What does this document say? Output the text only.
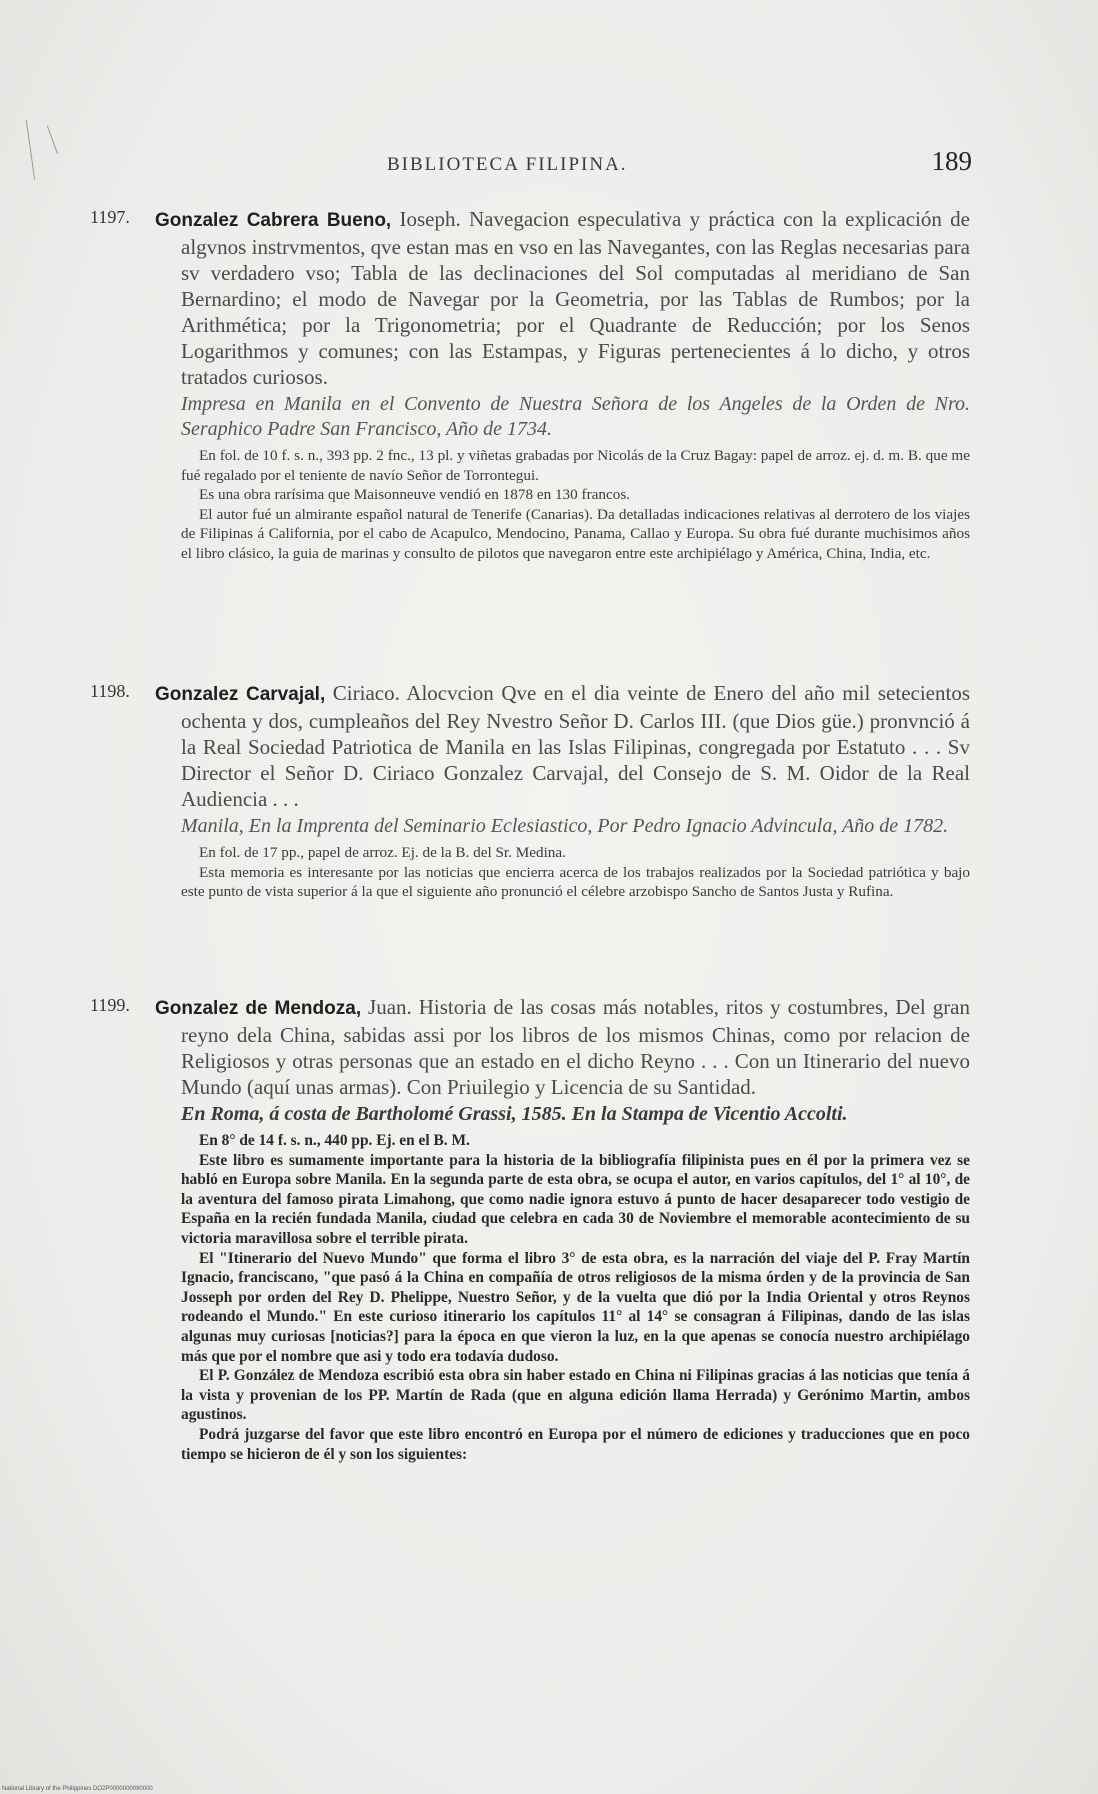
BIBLIOTECA FILIPINA.	189
1197. Gonzalez Cabrera Bueno, Ioseph. Navegacion especulativa y práctica con la explicación de algvnos instrvmentos, qve estan mas en vso en las Navegantes, con las Reglas necesarias para sv verdadero vso; Tabla de las declinaciones del Sol computadas al meridiano de San Bernardino; el modo de Navegar por la Geometria, por las Tablas de Rumbos; por la Arithmética; por la Trigonometria; por el Quadrante de Reducción; por los Senos Logarithmos y comunes; con las Estampas, y Figuras pertenecientes á lo dicho, y otros tratados curiosos.

Impresa en Manila en el Convento de Nuestra Señora de los Angeles de la Orden de Nro. Seraphico Padre San Francisco, Año de 1734.

En fol. de 10 f. s. n., 393 pp. 2 fnc., 13 pl. y viñetas grabadas por Nicolás de la Cruz Bagay: papel de arroz. ej. d. m. B. que me fué regalado por el teniente de navío Señor de Torrontegui.

Es una obra rarísima que Maisonneuve vendió en 1878 en 130 francos.

El autor fué un almirante español natural de Tenerife (Canarias). Da detalladas indicaciones relativas al derrotero de los viajes de Filipinas á California, por el cabo de Acapulco, Mendocino, Panama, Callao y Europa. Su obra fué durante muchisimos años el libro clásico, la guia de marinas y consulto de pilotos que navegaron entre este archipiélago y América, China, India, etc.

1198. Gonzalez Carvajal, Ciriaco. Alocvcion Qve en el dia veinte de Enero del año mil setecientos ochenta y dos, cumpleaños del Rey Nvestro Señor D. Carlos III. (que Dios güe.) pronvnció á la Real Sociedad Patriotica de Manila en las Islas Filipinas, congregada por Estatuto . . . Sv Director el Señor D. Ciriaco Gonzalez Carvajal, del Consejo de S. M. Oidor de la Real Audiencia . . .

Manila, En la Imprenta del Seminario Eclesiastico, Por Pedro Ignacio Advincula, Año de 1782.

En fol. de 17 pp., papel de arroz. Ej. de la B. del Sr. Medina.

Esta memoria es interesante por las noticias que encierra acerca de los trabajos realizados por la Sociedad patriótica y bajo este punto de vista superior á la que el siguiente año pronunció el célebre arzobispo Sancho de Santos Justa y Rufina.

1199. Gonzalez de Mendoza, Juan. Historia de las cosas más notables, ritos y costumbres, Del gran reyno dela China, sabidas assi por los libros de los mismos Chinas, como por relacion de Religiosos y otras personas que an estado en el dicho Reyno . . . Con un Itinerario del nuevo Mundo (aquí unas armas). Con Priuilegio y Licencia de su Santidad.

En Roma, á costa de Bartholomé Grassi, 1585. En la Stampa de Vicentio Accolti.

En 8° de 14 f. s. n., 440 pp. Ej. en el B. M.

Este libro es sumamente importante para la historia de la bibliografía filipinista pues en él por la primera vez se habló en Europa sobre Manila. En la segunda parte de esta obra, se ocupa el autor, en varios capítulos, del 1° al 10°, de la aventura del famoso pirata Limahong, que como nadie ignora estuvo á punto de hacer desaparecer todo vestigio de España en la recién fundada Manila, ciudad que celebra en cada 30 de Noviembre el memorable acontecimiento de su victoria maravillosa sobre el terrible pirata.

El "Itinerario del Nuevo Mundo" que forma el libro 3° de esta obra, es la narración del viaje del P. Fray Martín Ignacio, franciscano, "que pasó á la China en compañía de otros religiosos de la misma órden y de la provincia de San Josseph por orden del Rey D. Phelippe, Nuestro Señor, y de la vuelta que dió por la India Oriental y otros Reynos rodeando el Mundo." En este curioso itinerario los capítulos 11° al 14° se consagran á Filipinas, dando de las islas algunas muy curiosas [noticias?] para la época en que vieron la luz, en la que apenas se conocía nuestro archipiélago más que por el nombre que asi y todo era todavía dudoso.

El P. González de Mendoza escribió esta obra sin haber estado en China ni Filipinas gracias á las noticias que tenía á la vista y provenian de los PP. Martín de Rada (que en alguna edición llama Herrada) y Gerónimo Martin, ambos agustinos.

Podrá juzgarse del favor que este libro encontró en Europa por el número de ediciones y traducciones que en poco tiempo se hicieron de él y son los siguientes:

National Library of the Philippines DO2P0000000090000
